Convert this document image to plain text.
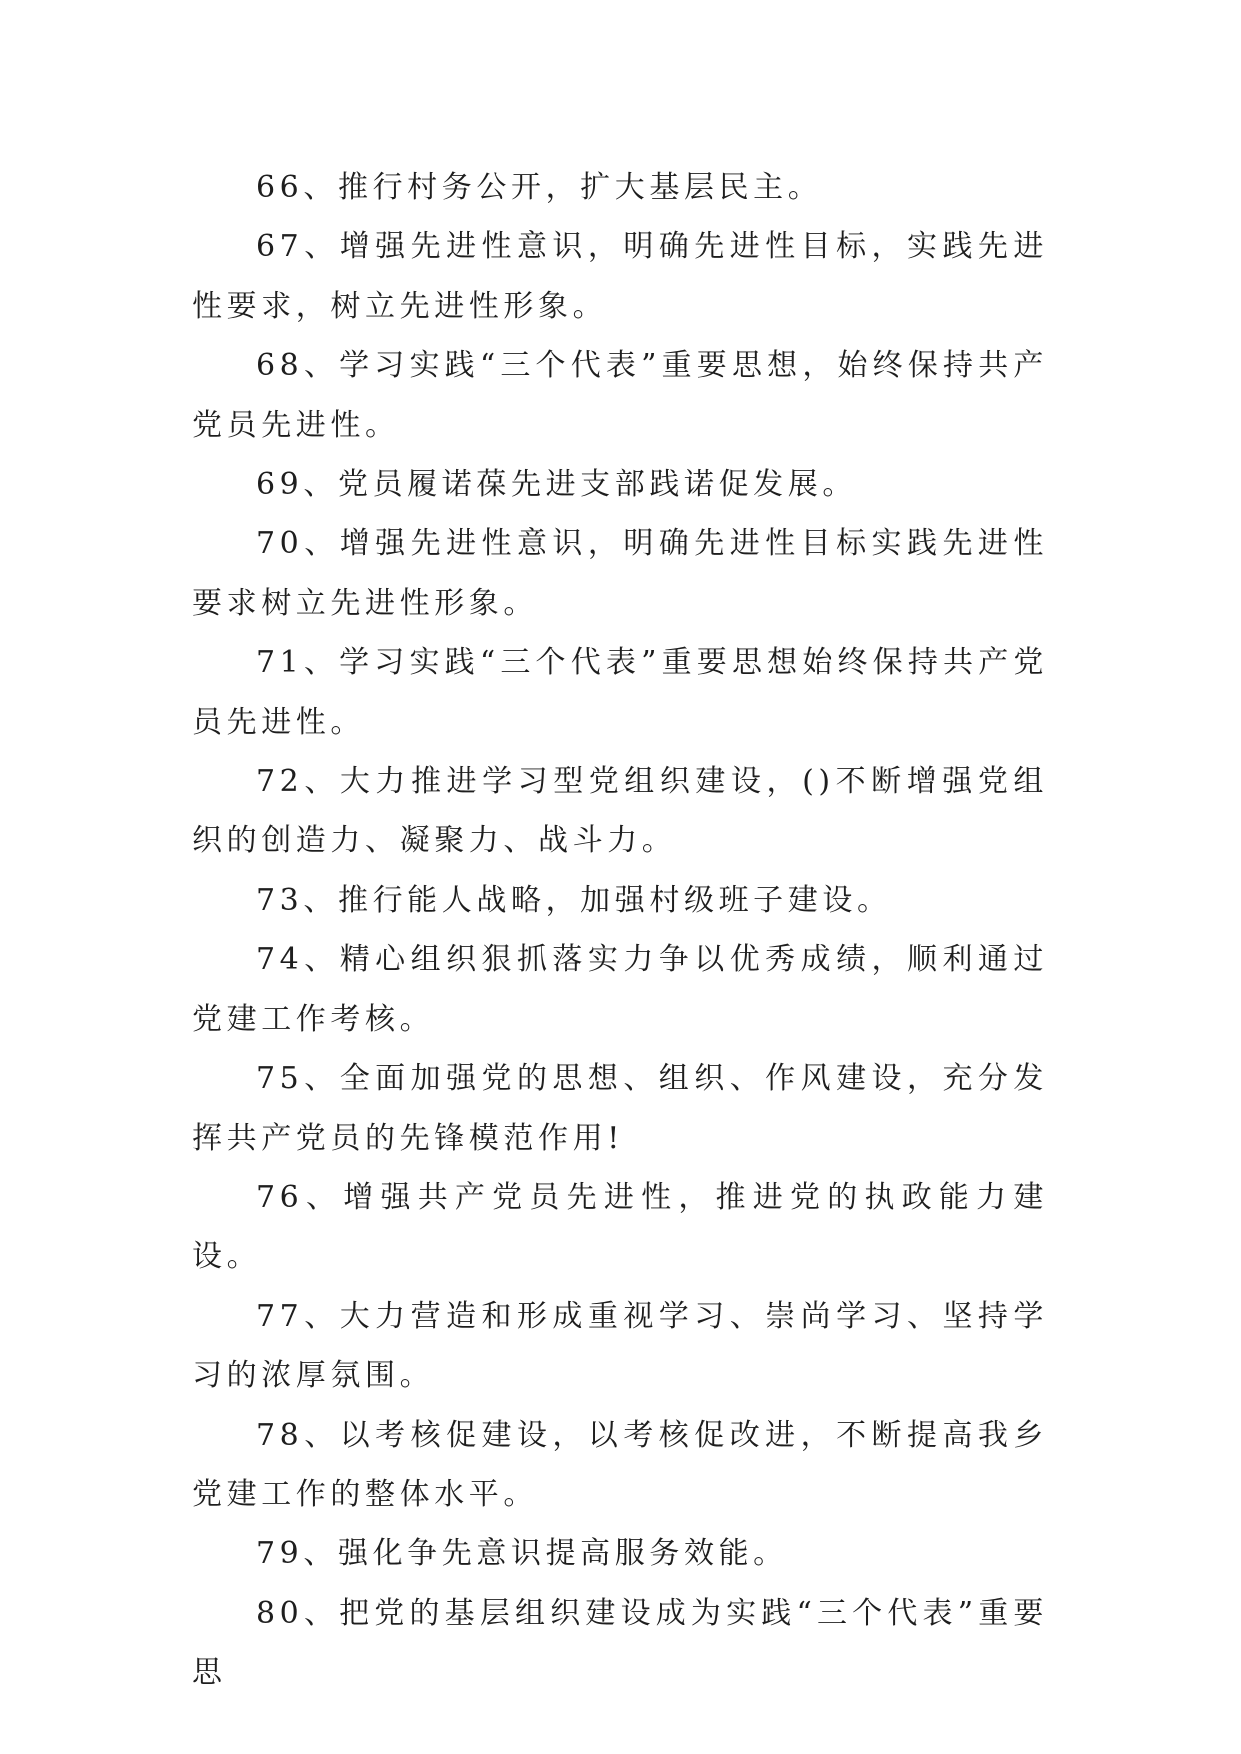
66、推行村务公开，扩大基层民主。

67、增强先进性意识，明确先进性目标，实践先进性要求，树立先进性形象。

68、学习实践“三个代表”重要思想，始终保持共产党员先进性。

69、党员履诺葆先进支部践诺促发展。

70、增强先进性意识，明确先进性目标实践先进性要求树立先进性形象。

71、学习实践“三个代表”重要思想始终保持共产党员先进性。

72、大力推进学习型党组织建设，()不断增强党组织的创造力、凝聚力、战斗力。

73、推行能人战略，加强村级班子建设。

74、精心组织狠抓落实力争以优秀成绩，顺利通过党建工作考核。

75、全面加强党的思想、组织、作风建设，充分发挥共产党员的先锋模范作用!

76、增强共产党员先进性，推进党的执政能力建设。

77、大力营造和形成重视学习、崇尚学习、坚持学习的浓厚氛围。

78、以考核促建设，以考核促改进，不断提高我乡党建工作的整体水平。

79、强化争先意识提高服务效能。

80、把党的基层组织建设成为实践“三个代表”重要思
